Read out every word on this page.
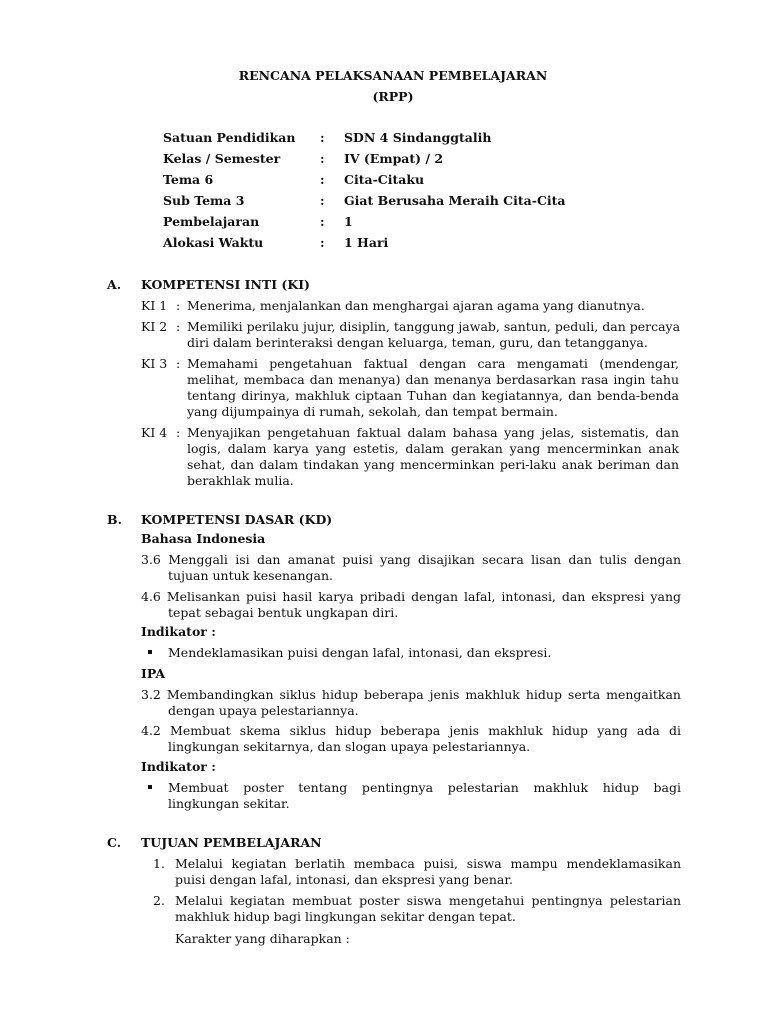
RENCANA PELAKSANAAN PEMBELAJARAN
(RPP)
Satuan Pendidikan : SDN 4 Sindanggtalih
Kelas / Semester	: IV (Empat) / 2
Tema 6	: Cita-Citaku
Sub Tema 3	: Giat Berusaha Meraih Cita-Cita
Pembelajaran	: 1
Alokasi Waktu	: 1 Hari
A. KOMPETENSI INTI (KI)
KI 1 : Menerima, menjalankan dan menghargai ajaran agama yang dianutnya.
KI 2 : Memiliki perilaku jujur, disiplin, tanggung jawab, santun, peduli, dan percaya
diri dalam berinteraksi dengan keluarga, teman, guru, dan tetangganya.
KI 3 : Memahami pengetahuan faktual dengan cara mengamati (mendengar,
melihat, membaca dan menanya) dan menanya berdasarkan rasa ingin tahu
tentang dirinya, makhluk ciptaan Tuhan dan kegiatannya, dan benda-benda
yang dijumpainya di rumah, sekolah, dan tempat bermain.
KI 4 : Menyajikan pengetahuan faktual dalam bahasa yang jelas, sistematis, dan
logis, dalam karya yang estetis, dalam gerakan yang mencerminkan anak
sehat, dan dalam tindakan yang mencerminkan peri-laku anak beriman dan
berakhlak mulia.
B. KOMPETENSI DASAR (KD)
Bahasa Indonesia
3.6 Menggali isi dan amanat puisi yang disajikan secara lisan dan tulis dengan
tujuan untuk kesenangan.
4.6 Melisankan puisi hasil karya pribadi dengan lafal, intonasi, dan ekspresi yang
tepat sebagai bentuk ungkapan diri.
Indikator :
Mendeklamasikan puisi dengan lafal, intonasi, dan ekspresi.
IPA
3.2 Membandingkan siklus hidup beberapa jenis makhluk hidup serta mengaitkan
dengan upaya pelestariannya.
4.2 Membuat skema siklus hidup beberapa jenis makhluk hidup yang ada di
lingkungan sekitarnya, dan slogan upaya pelestariannya.
Indikator :
Membuat poster tentang pentingnya pelestarian makhluk hidup bagi
lingkungan sekitar.
C. TUJUAN PEMBELAJARAN
1. Melalui kegiatan berlatih membaca puisi, siswa mampu mendeklamasikan
puisi dengan lafal, intonasi, dan ekspresi yang benar.
2. Melalui kegiatan membuat poster siswa mengetahui pentingnya pelestarian
makhluk hidup bagi lingkungan sekitar dengan tepat.
Karakter yang diharapkan :
